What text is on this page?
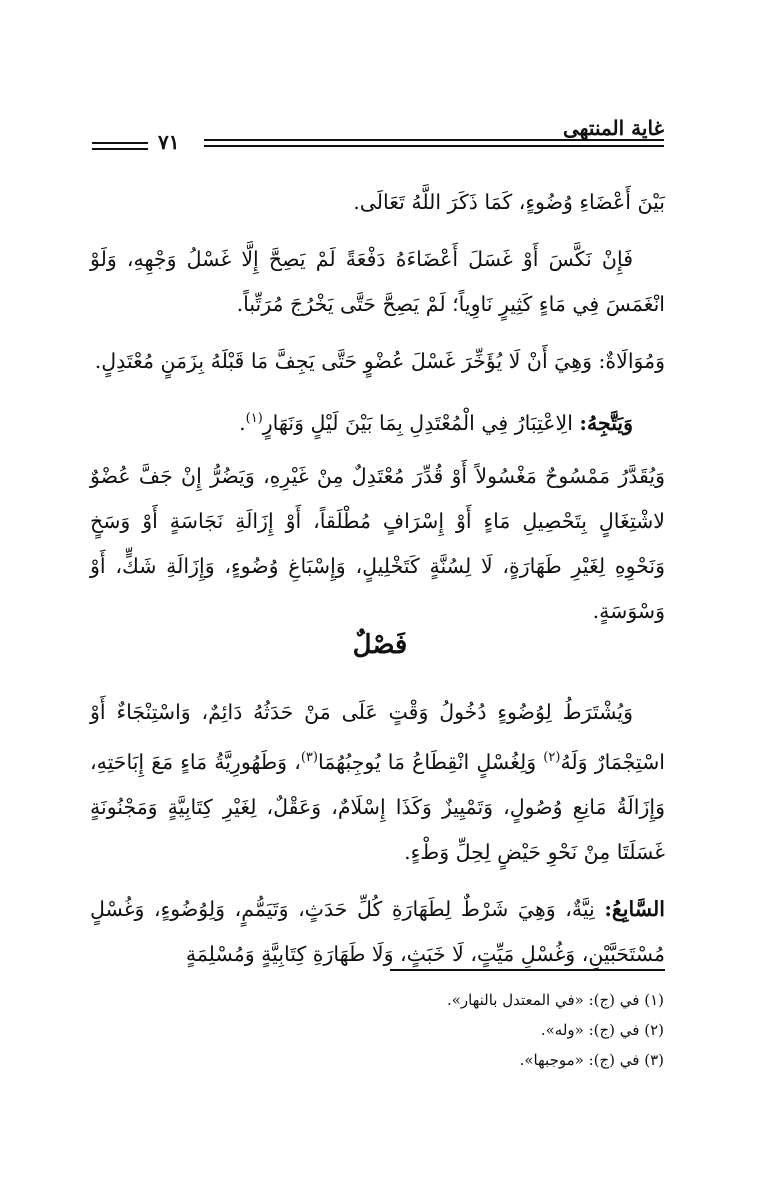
غاية المنتهى
٧١

بَيْنَ أَعْضَاءِ وُضُوءٍ، كَمَا ذَكَرَ اللَّهُ تَعَالَى.

فَإِنْ نَكَّسَ أَوْ غَسَلَ أَعْضَاءَهُ دَفْعَةً لَمْ يَصِحَّ إِلَّا غَسْلُ وَجْهِهِ، وَلَوْ انْغَمَسَ فِي مَاءٍ كَثِيرٍ نَاوِياً؛ لَمْ يَصِحَّ حَتَّى يَخْرُجَ مُرَتِّباً.

وَمُوَالَاةٌ: وَهِيَ أَنْ لَا يُؤَخِّرَ غَسْلَ عُضْوٍ حَتَّى يَجِفَّ مَا قَبْلَهُ بِزَمَنٍ مُعْتَدِلٍ.

وَيَتَّجِهُ: الِاعْتِبَارُ فِي الْمُعْتَدِلِ بِمَا بَيْنَ لَيْلٍ وَنَهَارٍ$^{(١)}$.

وَيُقَدَّرُ مَمْسُوحٌ مَغْسُولاً أَوْ قُدِّرَ مُعْتَدِلٌ مِنْ غَيْرِهِ، وَيَضُرُّ إِنْ جَفَّ عُضْوٌ لاشْتِغَالٍ بِتَحْصِيلِ مَاءٍ أَوْ إِسْرَافٍ مُطْلَقاً، أَوْ إِزَالَةِ نَجَاسَةٍ أَوْ وَسَخٍ وَنَحْوِهِ لِغَيْرِ طَهَارَةٍ، لَا لِسُنَّةٍ كَتَخْلِيلٍ، وَإِسْبَاغِ وُضُوءٍ، وَإِزَالَةِ شَكٍّ، أَوْ وَسْوَسَةٍ.

فَصْلٌ

وَيُشْتَرَطُ لِوُضُوءٍ دُخُولُ وَقْتٍ عَلَى مَنْ حَدَثُهُ دَائِمٌ، وَاسْتِنْجَاءٌ أَوْ اسْتِجْمَارٌ وَلَهُ$^{(٢)}$ وَلِغُسْلٍ انْقِطَاعُ مَا يُوجِبُهُمَا$^{(٣)}$، وَطَهُورِيَّةُ مَاءٍ مَعَ إِبَاحَتِهِ، وَإِزَالَةُ مَانِعِ وُصُولٍ، وَتَمْيِيزٌ وَكَذَا إِسْلَامٌ، وَعَقْلٌ، لِغَيْرِ كِتَابِيَّةٍ وَمَجْنُونَةٍ غَسَلَتَا مِنْ نَحْوِ حَيْضٍ لِحِلِّ وَطْءٍ.

السَّابِعُ: نِيَّةٌ، وَهِيَ شَرْطٌ لِطَهَارَةِ كُلِّ حَدَثٍ، وَتَيَمُّمٍ، وَلِوُضُوءٍ، وَغُسْلٍ مُسْتَحَبَّيْنِ، وَغُسْلِ مَيِّتٍ، لَا خَبَثٍ، وَلَا طَهَارَةِ كِتَابِيَّةٍ وَمُسْلِمَةٍ

(١) في (ج): «في المعتدل بالنهار».
(٢) في (ج): «وله».
(٣) في (ج): «موجبها».
